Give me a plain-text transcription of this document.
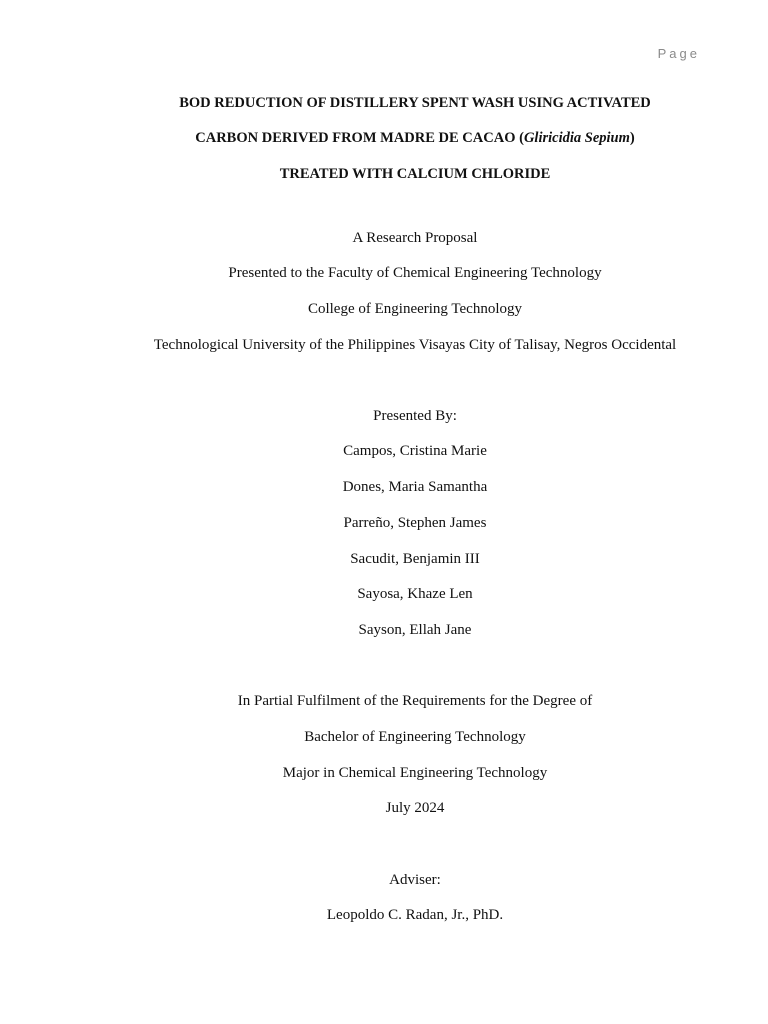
Page
BOD REDUCTION OF DISTILLERY SPENT WASH USING ACTIVATED
CARBON DERIVED FROM MADRE DE CACAO (Gliricidia Sepium)
TREATED WITH CALCIUM CHLORIDE
A Research Proposal
Presented to the Faculty of Chemical Engineering Technology
College of Engineering Technology
Technological University of the Philippines Visayas City of Talisay, Negros Occidental
Presented By:
Campos, Cristina Marie
Dones, Maria Samantha
Parreño, Stephen James
Sacudit, Benjamin III
Sayosa, Khaze Len
Sayson, Ellah Jane
In Partial Fulfilment of the Requirements for the Degree of
Bachelor of Engineering Technology
Major in Chemical Engineering Technology
July 2024
Adviser:
Leopoldo C. Radan, Jr., PhD.
